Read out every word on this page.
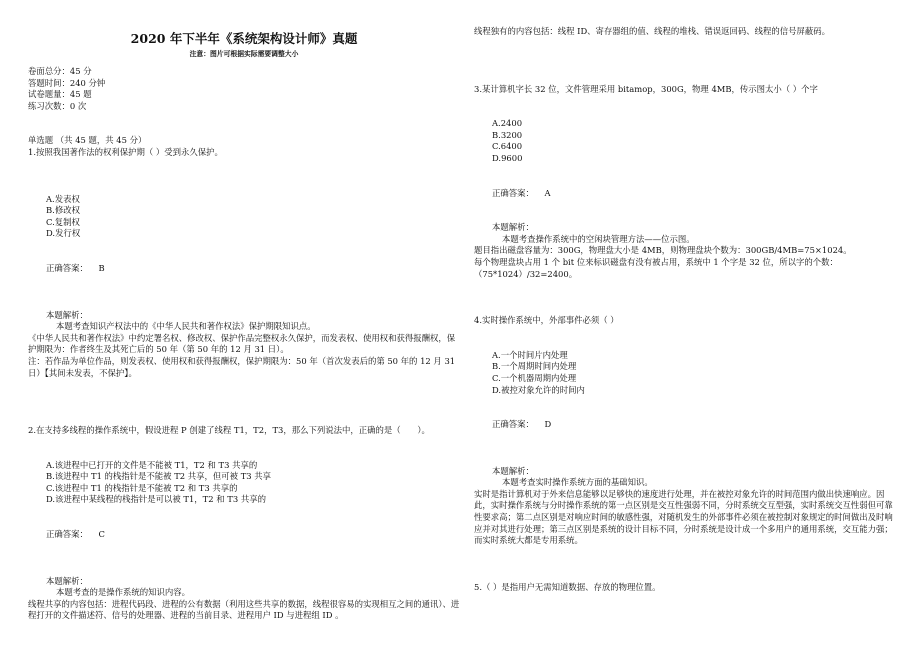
2020 年下半年《系统架构设计师》真题
注意：图片可根据实际需要调整大小
卷面总分：45 分
答题时间：240 分钟
试卷题量：45 题
练习次数：0 次
单选题 （共 45 题，共 45 分）
1.按照我国著作法的权利保护期（ ）受到永久保护。
A.发表权
B.修改权
C.复制权
D.发行权
正确答案： B
本题解析：
本题考查知识产权法中的《中华人民共和著作权法》保护期限知识点。
《中华人民共和著作权法》中约定署名权、修改权、保护作品完整权永久保护，而发表权、使用权和获得报酬权，保护期限为：作者终生及其死亡后的 50 年（第 50 年的 12 月 31 日）。
注：若作品为单位作品，则发表权、使用权和获得报酬权，保护期限为：50 年（首次发表后的第 50 年的 12 月 31 日）【其间未发表，不保护】。
2.在支持多线程的操作系统中，假设进程 P 创建了线程 T1，T2，T3，那么下列说法中，正确的是（　　）。
A.该进程中已打开的文件是不能被 T1，T2 和 T3 共享的
B.该进程中 T1 的栈指针是不能被 T2 共享，但可被 T3 共享
C.该进程中 T1 的栈指针是不能被 T2 和 T3 共享的
D.该进程中某线程的栈指针是可以被 T1，T2 和 T3 共享的
正确答案： C
本题解析：
本题考查的是操作系统的知识内容。
线程共享的内容包括：进程代码段、进程的公有数据（利用这些共享的数据，线程很容易的实现相互之间的通讯）、进程打开的文件描述符、信号的处理器、进程的当前目录、进程用户 ID 与进程组 ID 。
线程独有的内容包括：线程 ID、寄存器组的值、线程的堆栈、错误返回码、线程的信号屏蔽码。
3.某计算机字长 32 位，文件管理采用 bitamop，300G，物理 4MB，传示图太小（ ）个字
A.2400
B.3200
C.6400
D.9600
正确答案： A
本题解析：
本题考查操作系统中的空闲块管理方法——位示图。
题目指出磁盘容量为：300G，物理盘大小是 4MB，则物理盘块个数为：300GB/4MB=75×1024。
每个物理盘块占用 1 个 bit 位来标识磁盘有没有被占用，系统中 1 个字是 32 位，所以字的个数：（75*1024）/32=2400。
4.实时操作系统中，外部事件必须（ ）
A.一个时间片内处理
B.一个周期时间内处理
C.一个机器周期内处理
D.被控对象允许的时间内
正确答案： D
本题解析：
本题考查实时操作系统方面的基础知识。
实时是指计算机对于外来信息能够以足够快的速度进行处理，并在被控对象允许的时间范围内做出快速响应。因此，实时操作系统与分时操作系统的第一点区别是交互性强弱不同，分时系统交互型强，实时系统交互性弱但可靠性要求高；第二点区别是对响应时间的敏感性强，对随机发生的外部事件必须在被控制对象规定的时间做出及时响应并对其进行处理；第三点区别是系统的设计目标不同，分时系统是设计成一个多用户的通用系统，交互能力强；而实时系统大都是专用系统。
5.（ ）是指用户无需知道数据、存放的物理位置。
